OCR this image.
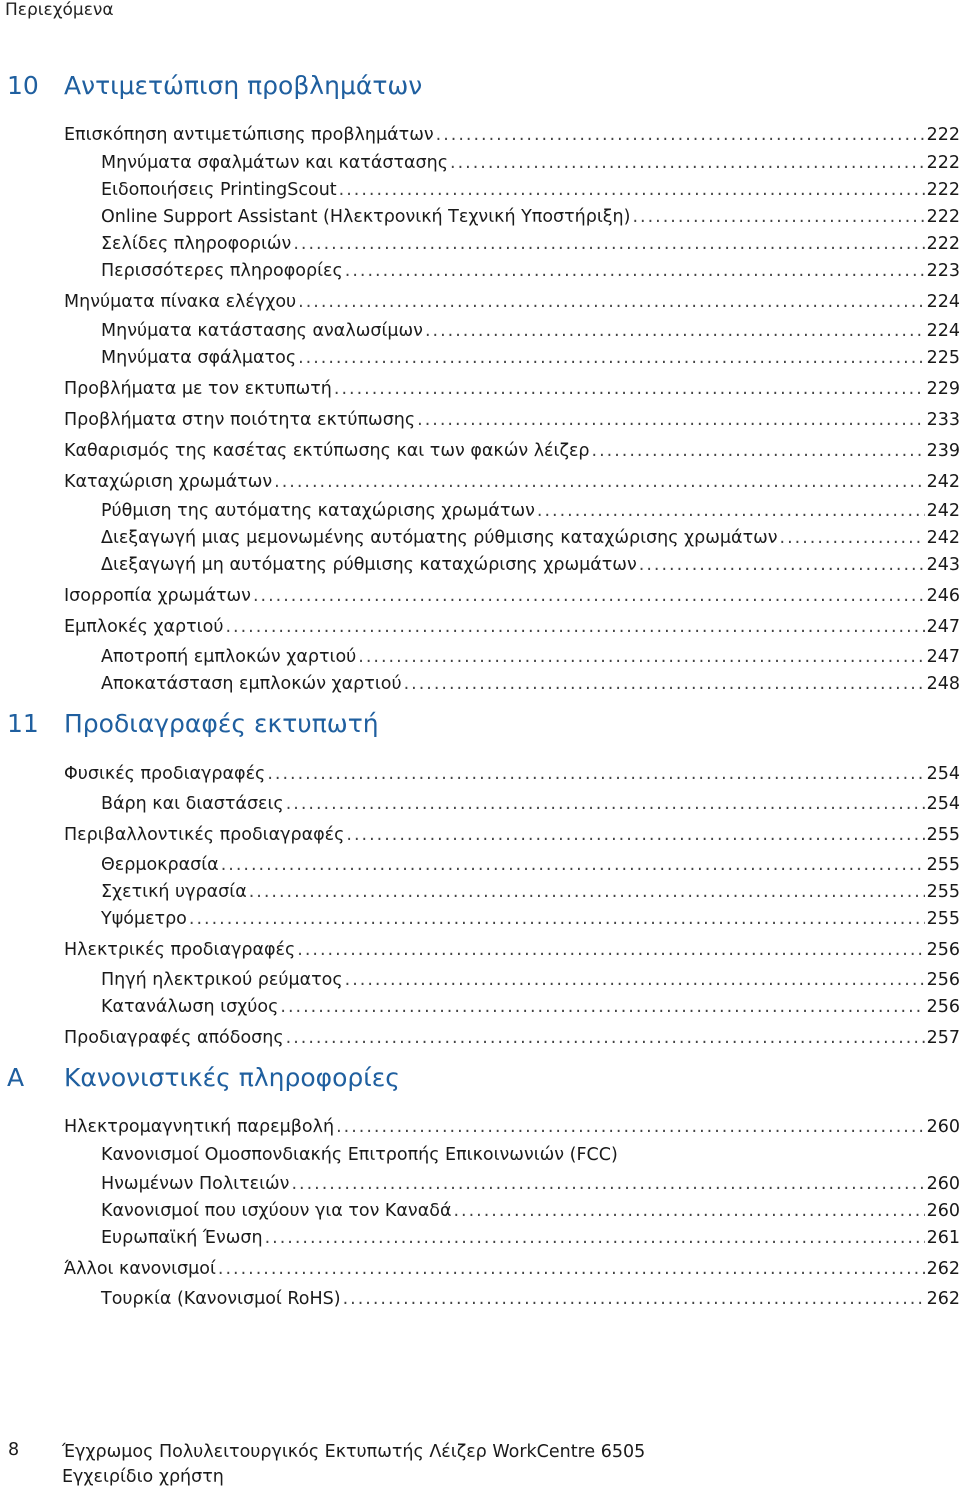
Περιεχόμενα
10 Αντιμετώπιση προβλημάτων
Επισκόπηση αντιμετώπισης προβλημάτων .....	222
Μηνύματα σφαλμάτων και κατάστασης .....	222
Ειδοποιήσεις PrintingScout .....	222
Online Support Assistant (Ηλεκτρονική Τεχνική Υποστήριξη) .....	222
Σελίδες πληροφοριών .....	222
Περισσότερες πληροφορίες .....	223
Μηνύματα πίνακα ελέγχου .....	224
Μηνύματα κατάστασης αναλωσίμων .....	224
Μηνύματα σφάλματος .....	225
Προβλήματα με τον εκτυπωτή .....	229
Προβλήματα στην ποιότητα εκτύπωσης .....	233
Καθαρισμός της κασέτας εκτύπωσης και των φακών λέιζερ .....	239
Καταχώριση χρωμάτων .....	242
Ρύθμιση της αυτόματης καταχώρισης χρωμάτων .....	242
Διεξαγωγή μιας μεμονωμένης αυτόματης ρύθμισης καταχώρισης χρωμάτων .....	242
Διεξαγωγή μη αυτόματης ρύθμισης καταχώρισης χρωμάτων .....	243
Ισορροπία χρωμάτων .....	246
Εμπλοκές χαρτιού .....	247
Αποτροπή εμπλοκών χαρτιού .....	247
Αποκατάσταση εμπλοκών χαρτιού .....	248
11 Προδιαγραφές εκτυπωτή
Φυσικές προδιαγραφές .....	254
Βάρη και διαστάσεις .....	254
Περιβαλλοντικές προδιαγραφές .....	255
Θερμοκρασία .....	255
Σχετική υγρασία .....	255
Υψόμετρο .....	255
Ηλεκτρικές προδιαγραφές .....	256
Πηγή ηλεκτρικού ρεύματος .....	256
Κατανάλωση ισχύος .....	256
Προδιαγραφές απόδοσης .....	257
A Κανονιστικές πληροφορίες
Ηλεκτρομαγνητική παρεμβολή .....	260
Κανονισμοί Ομοσπονδιακής Επιτροπής Επικοινωνιών (FCC)
Ηνωμένων Πολιτειών .....	260
Κανονισμοί που ισχύουν για τον Καναδά .....	260
Ευρωπαϊκή Ένωση .....	261
Άλλοι κανονισμοί .....	262
Τουρκία (Κανονισμοί RoHS) .....	262
8 Έγχρωμος Πολυλειτουργικός Εκτυπωτής Λέιζερ WorkCentre 6505
Εγχειρίδιο χρήστη
